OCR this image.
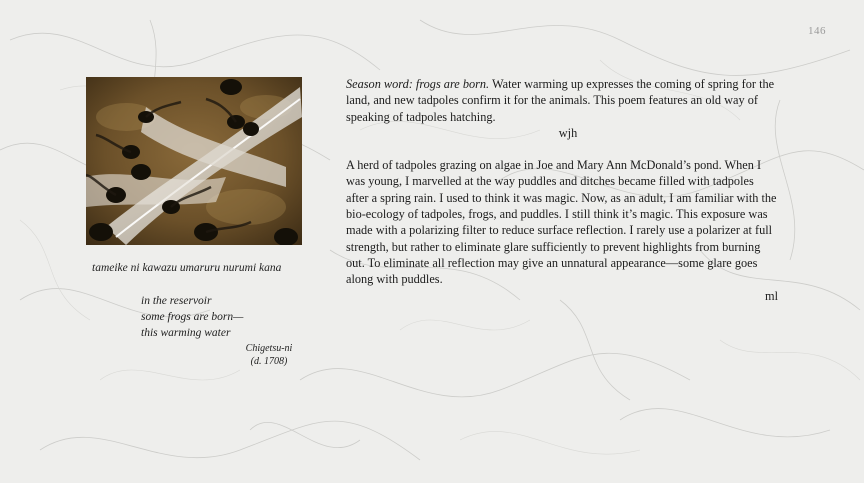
146
tameike ni kawazu umaruru nurumi kana
in the reservoir
some frogs are born—
this warming water
Chigetsu-ni
(d. 1708)

Season word: frogs are born. Water warming up expresses the coming of spring for the land, and new tadpoles confirm it for the animals. This poem features an old way of speaking of tadpoles hatching.

wjh

A herd of tadpoles grazing on algae in Joe and Mary Ann McDonald’s pond. When I was young, I marvelled at the way puddles and ditches became filled with tadpoles after a spring rain. I used to think it was magic. Now, as an adult, I am familiar with the bio-ecology of tadpoles, frogs, and puddles. I still think it’s magic. This exposure was made with a polarizing filter to reduce surface reflection. I rarely use a polarizer at full strength, but rather to eliminate glare sufficiently to prevent highlights from burning out. To eliminate all reflection may give an unnatural appearance—some glare goes along with puddles.

ml
